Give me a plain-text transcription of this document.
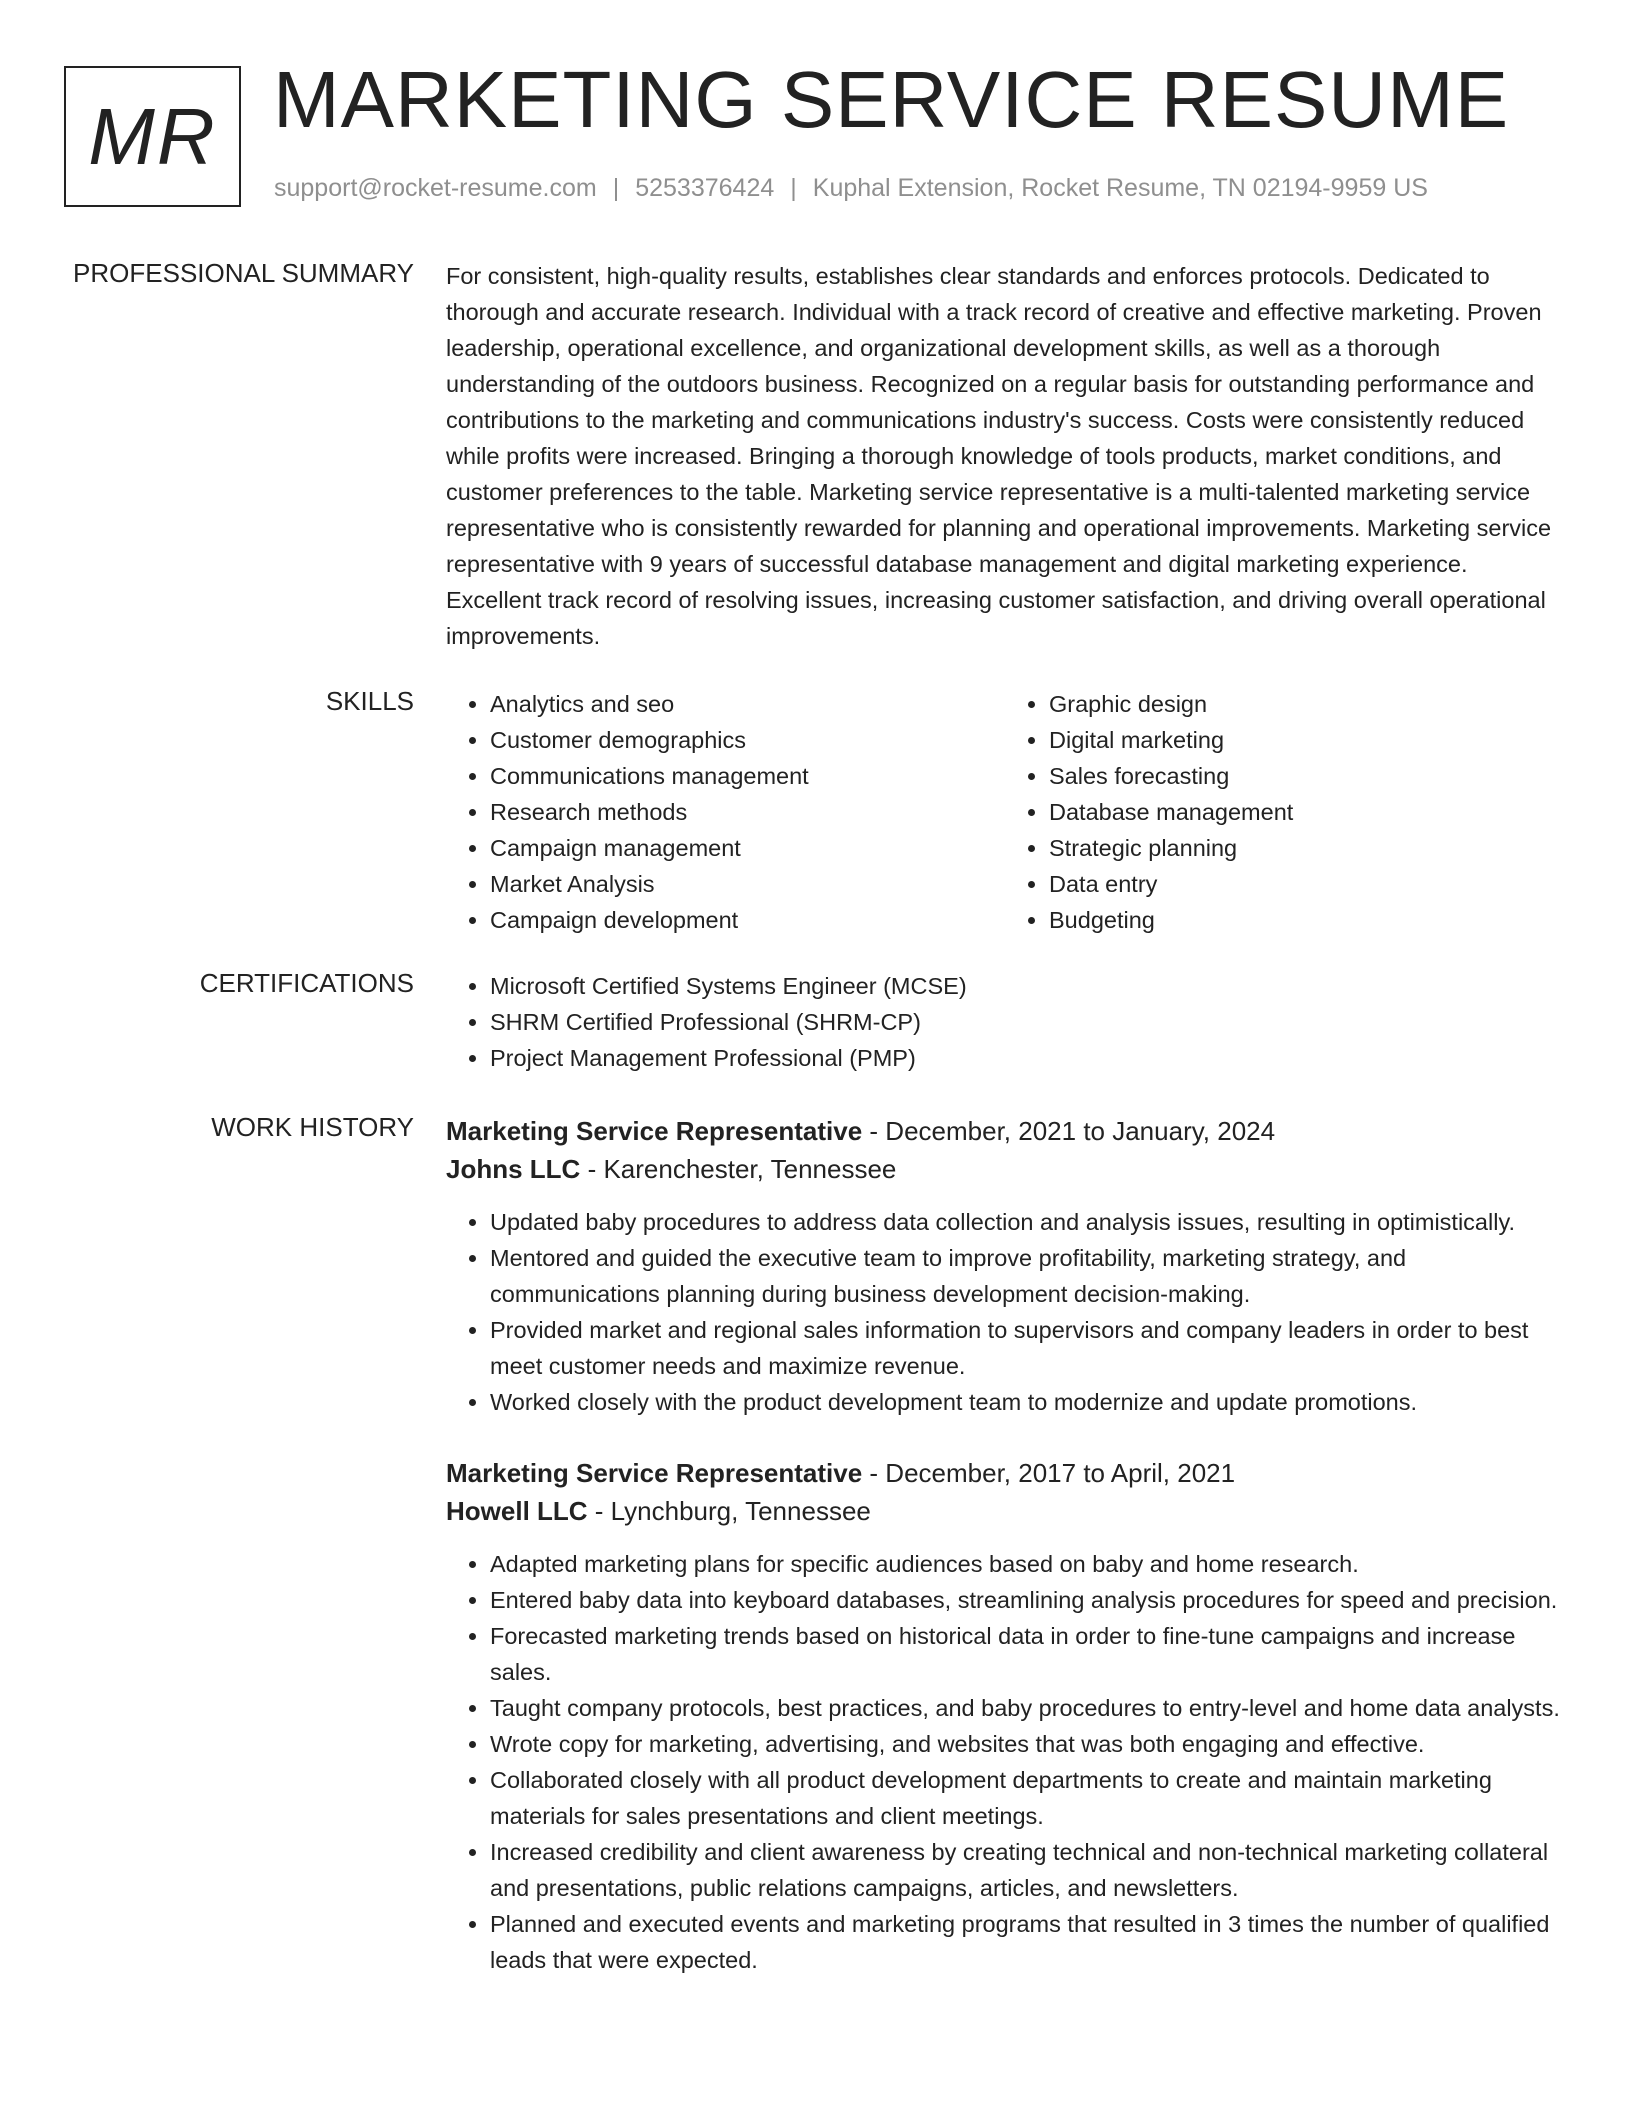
MR MARKETING SERVICE RESUME
support@rocket-resume.com | 5253376424 | Kuphal Extension, Rocket Resume, TN 02194-9959 US
PROFESSIONAL SUMMARY For consistent, high-quality results, establishes clear standards and enforces protocols. Dedicated to thorough and accurate research. Individual with a track record of creative and effective marketing. Proven leadership, operational excellence, and organizational development skills, as well as a thorough understanding of the outdoors business. Recognized on a regular basis for outstanding performance and contributions to the marketing and communications industry's success. Costs were consistently reduced while profits were increased. Bringing a thorough knowledge of tools products, market conditions, and customer preferences to the table. Marketing service representative is a multi-talented marketing service representative who is consistently rewarded for planning and operational improvements. Marketing service representative with 9 years of successful database management and digital marketing experience. Excellent track record of resolving issues, increasing customer satisfaction, and driving overall operational improvements.

SKILLS	• Analytics and seo
• Customer demographics
• Communications management
• Research methods
• Campaign management
• Market Analysis
• Campaign development
• Graphic design
• Digital marketing
• Sales forecasting
• Database management
• Strategic planning
• Data entry
• Budgeting
CERTIFICATIONS	• Microsoft Certified Systems Engineer (MCSE)
• SHRM Certified Professional (SHRM-CP)
• Project Management Professional (PMP)
WORK HISTORY Marketing Service Representative - December, 2021 to January, 2024
Johns LLC - Karenchester, Tennessee
• Updated baby procedures to address data collection and analysis issues, resulting in optimistically.
• Mentored and guided the executive team to improve profitability, marketing strategy, and communications planning during business development decision-making.
• Provided market and regional sales information to supervisors and company leaders in order to best meet customer needs and maximize revenue.
• Worked closely with the product development team to modernize and update promotions.
Marketing Service Representative - December, 2017 to April, 2021
Howell LLC - Lynchburg, Tennessee
• Adapted marketing plans for specific audiences based on baby and home research.
• Entered baby data into keyboard databases, streamlining analysis procedures for speed and precision.
• Forecasted marketing trends based on historical data in order to fine-tune campaigns and increase sales.
• Taught company protocols, best practices, and baby procedures to entry-level and home data analysts.
• Wrote copy for marketing, advertising, and websites that was both engaging and effective.
• Collaborated closely with all product development departments to create and maintain marketing materials for sales presentations and client meetings.
• Increased credibility and client awareness by creating technical and non-technical marketing collateral and presentations, public relations campaigns, articles, and newsletters.
• Planned and executed events and marketing programs that resulted in 3 times the number of qualified leads that were expected.
